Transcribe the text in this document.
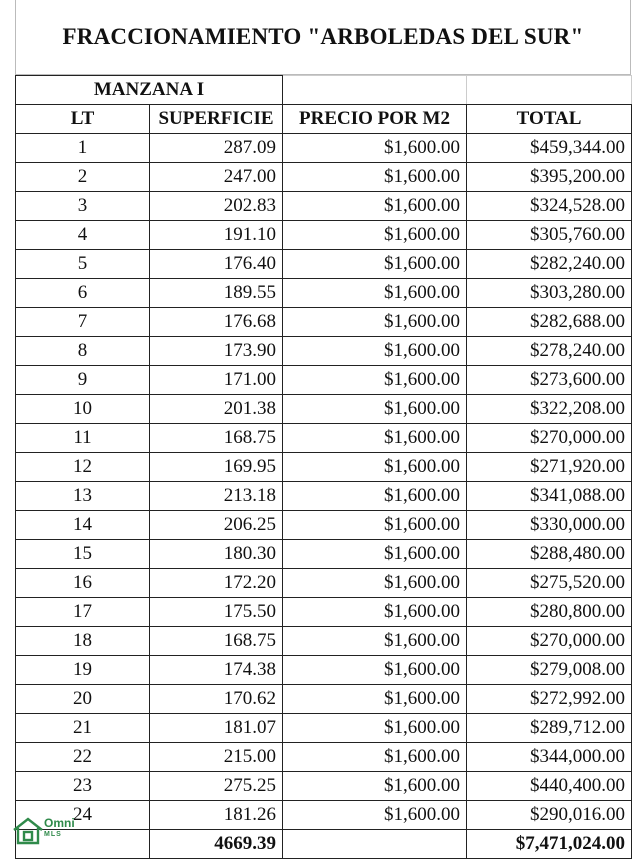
FRACCIONAMIENTO "ARBOLEDAS DEL SUR"
MANZANA I			
LT	SUPERFICIE	PRECIO POR M2	TOTAL
1	287.09	$1,600.00	$459,344.00
2	247.00	$1,600.00	$395,200.00
3	202.83	$1,600.00	$324,528.00
4	191.10	$1,600.00	$305,760.00
5	176.40	$1,600.00	$282,240.00
6	189.55	$1,600.00	$303,280.00
7	176.68	$1,600.00	$282,688.00
8	173.90	$1,600.00	$278,240.00
9	171.00	$1,600.00	$273,600.00
10	201.38	$1,600.00	$322,208.00
11	168.75	$1,600.00	$270,000.00
12	169.95	$1,600.00	$271,920.00
13	213.18	$1,600.00	$341,088.00
14	206.25	$1,600.00	$330,000.00
15	180.30	$1,600.00	$288,480.00
16	172.20	$1,600.00	$275,520.00
17	175.50	$1,600.00	$280,800.00
18	168.75	$1,600.00	$270,000.00
19	174.38	$1,600.00	$279,008.00
20	170.62	$1,600.00	$272,992.00
21	181.07	$1,600.00	$289,712.00
22	215.00	$1,600.00	$344,000.00
23	275.25	$1,600.00	$440,400.00
24	181.26	$1,600.00	$290,016.00
	4669.39		$7,471,024.00
Omni
MLS
